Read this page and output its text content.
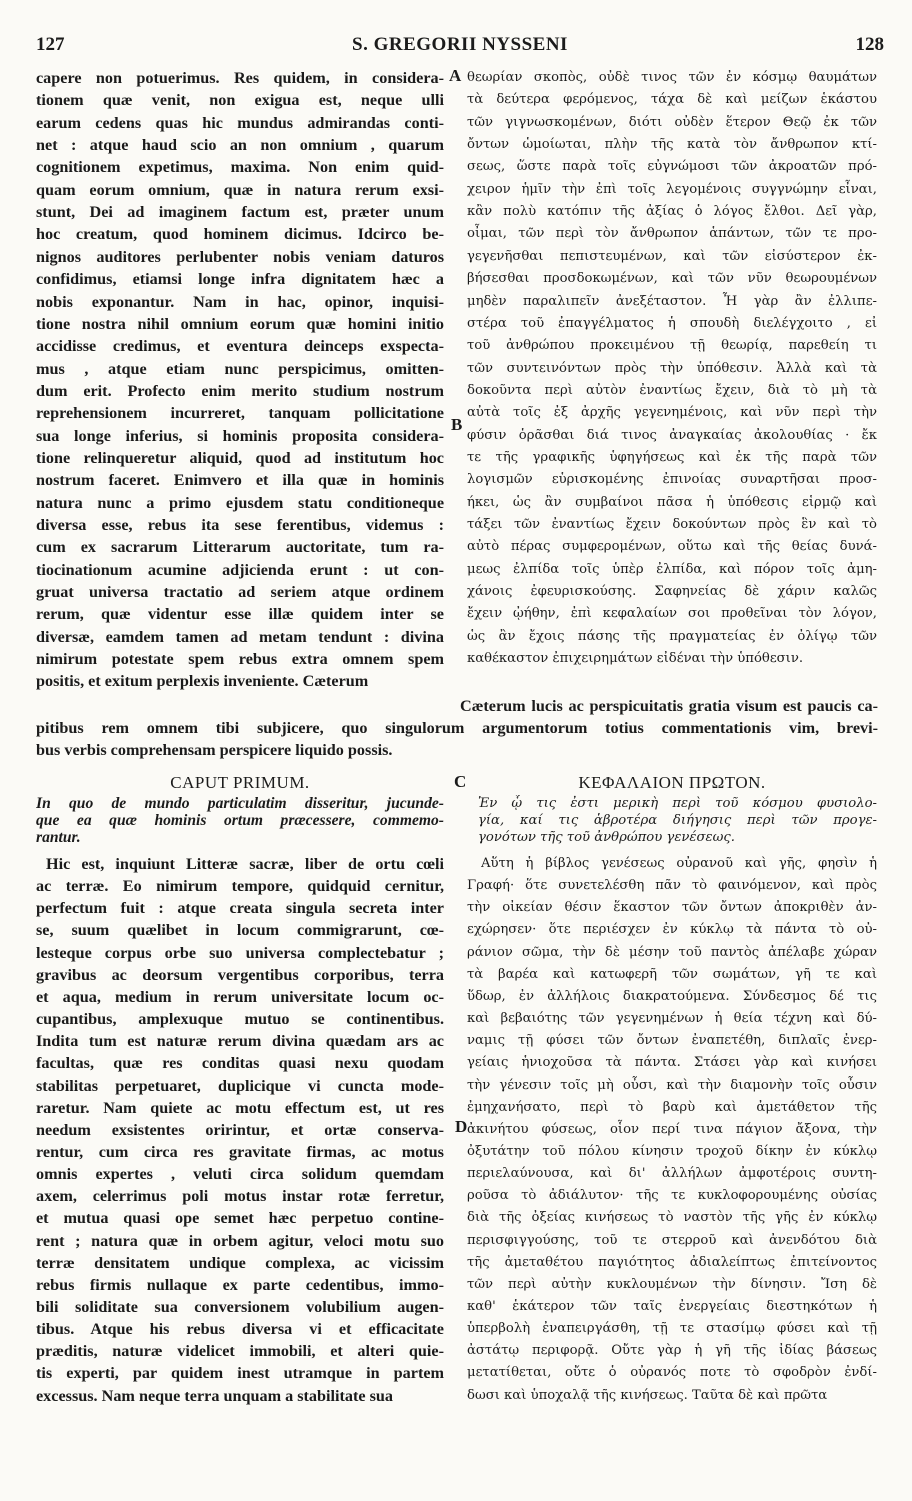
127	S. GREGORII NYSSENI	128
A
B
C
D
capere non potuerimus. Res quidem, in considera-
tionem quæ venit, non exigua est, neque ulli
earum cedens quas hic mundus admirandas conti-
net : atque haud scio an non omnium , quarum
cognitionem expetimus, maxima. Non enim quid-
quam eorum omnium, quæ in natura rerum exsi-
stunt, Dei ad imaginem factum est, præter unum
hoc creatum, quod hominem dicimus. Idcirco be-
nignos auditores perlubenter nobis veniam daturos
confidimus, etiamsi longe infra dignitatem hæc a
nobis exponantur. Nam in hac, opinor, inquisi-
tione nostra nihil omnium eorum quæ homini initio
accidisse credimus, et eventura deinceps exspecta-
mus , atque etiam nunc perspicimus, omitten-
dum erit. Profecto enim merito studium nostrum
reprehensionem incurreret, tanquam pollicitatione
sua longe inferius, si hominis proposita considera-
tione relinqueretur aliquid, quod ad institutum hoc
nostrum faceret. Enimvero et illa quæ in hominis
natura nunc a primo ejusdem statu conditioneque
diversa esse, rebus ita sese ferentibus, videmus :
cum ex sacrarum Litterarum auctoritate, tum ra-
tiocinationum acumine adjicienda erunt : ut con-
gruat universa tractatio ad seriem atque ordinem
rerum, quæ videntur esse illæ quidem inter se
diversæ, eamdem tamen ad metam tendunt : divina
nimirum potestate spem rebus extra omnem spem
positis, et exitum perplexis inveniente. Cæterum
θεωρίαν σκοπὸς, οὐδὲ τινος τῶν ἐν κόσμῳ θαυμάτων
τὰ δεύτερα φερόμενος, τάχα δὲ καὶ μείζων ἑκάστου
τῶν γιγνωσκομένων, διότι οὐδὲν ἕτερον Θεῷ ἐκ τῶν
ὄντων ὡμοίωται, πλὴν τῆς κατὰ τὸν ἄνθρωπον κτί-
σεως, ὥστε παρὰ τοῖς εὐγνώμοσι τῶν ἀκροατῶν πρό-
χειρον ἡμῖν τὴν ἐπὶ τοῖς λεγομένοις συγγνώμην εἶναι,
κἂν πολὺ κατόπιν τῆς ἀξίας ὁ λόγος ἔλθοι. Δεῖ γὰρ,
οἶμαι, τῶν περὶ τὸν ἄνθρωπον ἁπάντων, τῶν τε προ-
γεγενῆσθαι πεπιστευμένων, καὶ τῶν εἰσύστερον ἐκ-
βήσεσθαι προσδοκωμένων, καὶ τῶν νῦν θεωρουμένων
μηδὲν παραλιπεῖν ἀνεξέταστον. Ἦ γὰρ ἂν ἐλλιπε-
στέρα τοῦ ἐπαγγέλματος ἡ σπουδὴ διελέγχοιτο , εἰ
τοῦ ἀνθρώπου προκειμένου τῇ θεωρίᾳ, παρεθείη τι
τῶν συντεινόντων πρὸς τὴν ὑπόθεσιν. Ἀλλὰ καὶ τὰ
δοκοῦντα περὶ αὐτὸν ἐναντίως ἔχειν, διὰ τὸ μὴ τὰ
αὐτὰ τοῖς ἐξ ἀρχῆς γεγενημένοις, καὶ νῦν περὶ τὴν
φύσιν ὁρᾶσθαι διά τινος ἀναγκαίας ἀκολουθίας · ἔκ
τε τῆς γραφικῆς ὑφηγήσεως καὶ ἐκ τῆς παρὰ τῶν
λογισμῶν εὑρισκομένης ἐπινοίας συναρτῆσαι προσ-
ήκει, ὡς ἂν συμβαίνοι πᾶσα ἡ ὑπόθεσις εἱρμῷ καὶ
τάξει τῶν ἐναντίως ἔχειν δοκούντων πρὸς ἓν καὶ τὸ
αὐτὸ πέρας συμφερομένων, οὕτω καὶ τῆς θείας δυνά-
μεως ἐλπίδα τοῖς ὑπὲρ ἐλπίδα, καὶ πόρον τοῖς ἀμη-
χάνοις ἐφευρισκούσης. Σαφηνείας δὲ χάριν καλῶς
ἔχειν ᾠήθην, ἐπὶ κεφαλαίων σοι προθεῖναι τὸν λόγον,
ὡς ἂν ἔχοις πάσης τῆς πραγματείας ἐν ὀλίγῳ τῶν
καθέκαστον ἐπιχειρημάτων εἰδέναι τὴν ὑπόθεσιν.
Cæterum lucis ac perspicuitatis gratia visum est paucis ca-
pitibus rem omnem tibi subjicere, quo singulorum argumentorum totius commentationis vim, brevi-
bus verbis comprehensam perspicere liquido possis.
CAPUT PRIMUM.
In quo de mundo particulatim disseritur, jucunde-
que ea quæ hominis ortum præcessere, commemo-
rantur.
Hic est, inquiunt Litteræ sacræ, liber de ortu cœli
ac terræ. Eo nimirum tempore, quidquid cernitur,
perfectum fuit : atque creata singula secreta inter
se, suum quælibet in locum commigrarunt, cœ-
lesteque corpus orbe suo universa complectebatur ;
gravibus ac deorsum vergentibus corporibus, terra
et aqua, medium in rerum universitate locum oc-
cupantibus, amplexuque mutuo se continentibus.
Indita tum est naturæ rerum divina quædam ars ac
facultas, quæ res conditas quasi nexu quodam
stabilitas perpetuaret, duplicique vi cuncta mode-
raretur. Nam quiete ac motu effectum est, ut res
needum exsistentes oririntur, et ortæ conserva-
rentur, cum circa res gravitate firmas, ac motus
omnis expertes , veluti circa solidum quemdam
axem, celerrimus poli motus instar rotæ ferretur,
et mutua quasi ope semet hæc perpetuo contine-
rent ; natura quæ in orbem agitur, veloci motu suo
terræ densitatem undique complexa, ac vicissim
rebus firmis nullaque ex parte cedentibus, immo-
bili soliditate sua conversionem volubilium augen-
tibus. Atque his rebus diversa vi et efficacitate
præditis, naturæ videlicet immobili, et alteri quie-
tis experti, par quidem inest utramque in partem
excessus. Nam neque terra unquam a stabilitate sua
ΚΕΦΑΛΑΙΟΝ ΠΡΩΤΟΝ.
Ἐν ᾧ τις ἐστι μερικὴ περὶ τοῦ κόσμου φυσιολο-
γία, καί τις ἁβροτέρα διήγησις περὶ τῶν προγε-
γονότων τῆς τοῦ ἀνθρώπου γενέσεως.
Αὕτη ἡ βίβλος γενέσεως οὐρανοῦ καὶ γῆς, φησὶν ἡ
Γραφή· ὅτε συνετελέσθη πᾶν τὸ φαινόμενον, καὶ πρὸς
τὴν οἰκείαν θέσιν ἕκαστον τῶν ὄντων ἀποκριθὲν ἀν-
εχώρησεν· ὅτε περιέσχεν ἐν κύκλῳ τὰ πάντα τὸ οὐ-
ράνιον σῶμα, τὴν δὲ μέσην τοῦ παντὸς ἀπέλαβε χώραν
τὰ βαρέα καὶ κατωφερῆ τῶν σωμάτων, γῆ τε καὶ
ὕδωρ, ἐν ἀλλήλοις διακρατούμενα. Σύνδεσμος δέ τις
καὶ βεβαιότης τῶν γεγενημένων ἡ θεία τέχνη καὶ δύ-
ναμις τῇ φύσει τῶν ὄντων ἐναπετέθη, διπλαῖς ἐνερ-
γείαις ἡνιοχοῦσα τὰ πάντα. Στάσει γὰρ καὶ κινήσει
τὴν γένεσιν τοῖς μὴ οὖσι, καὶ τὴν διαμονὴν τοῖς οὖσιν
ἐμηχανήσατο, περὶ τὸ βαρὺ καὶ ἀμετάθετον τῆς
ἀκινήτου φύσεως, οἷον περί τινα πάγιον ἄξονα, τὴν
ὀξυτάτην τοῦ πόλου κίνησιν τροχοῦ δίκην ἐν κύκλῳ
περιελαύνουσα, καὶ δι' ἀλλήλων ἀμφοτέροις συντη-
ροῦσα τὸ ἀδιάλυτον· τῆς τε κυκλοφορουμένης οὐσίας
διὰ τῆς ὀξείας κινήσεως τὸ ναστὸν τῆς γῆς ἐν κύκλῳ
περισφιγγούσης, τοῦ τε στερροῦ καὶ ἀνενδότου διὰ
τῆς ἀμεταθέτου παγιότητος ἀδιαλείπτως ἐπιτείνοντος
τῶν περὶ αὐτὴν κυκλουμένων τὴν δίνησιν. Ἴση δὲ
καθ' ἑκάτερον τῶν ταῖς ἐνεργείαις διεστηκότων ἡ
ὑπερβολὴ ἐναπειργάσθη, τῇ τε στασίμῳ φύσει καὶ τῇ
ἀστάτῳ περιφορᾷ. Οὔτε γὰρ ἡ γῆ τῆς ἰδίας βάσεως
μετατίθεται, οὔτε ὁ οὐρανός ποτε τὸ σφοδρὸν ἐνδί-
δωσι καὶ ὑποχαλᾷ τῆς κινήσεως. Ταῦτα δὲ καὶ πρῶτα
